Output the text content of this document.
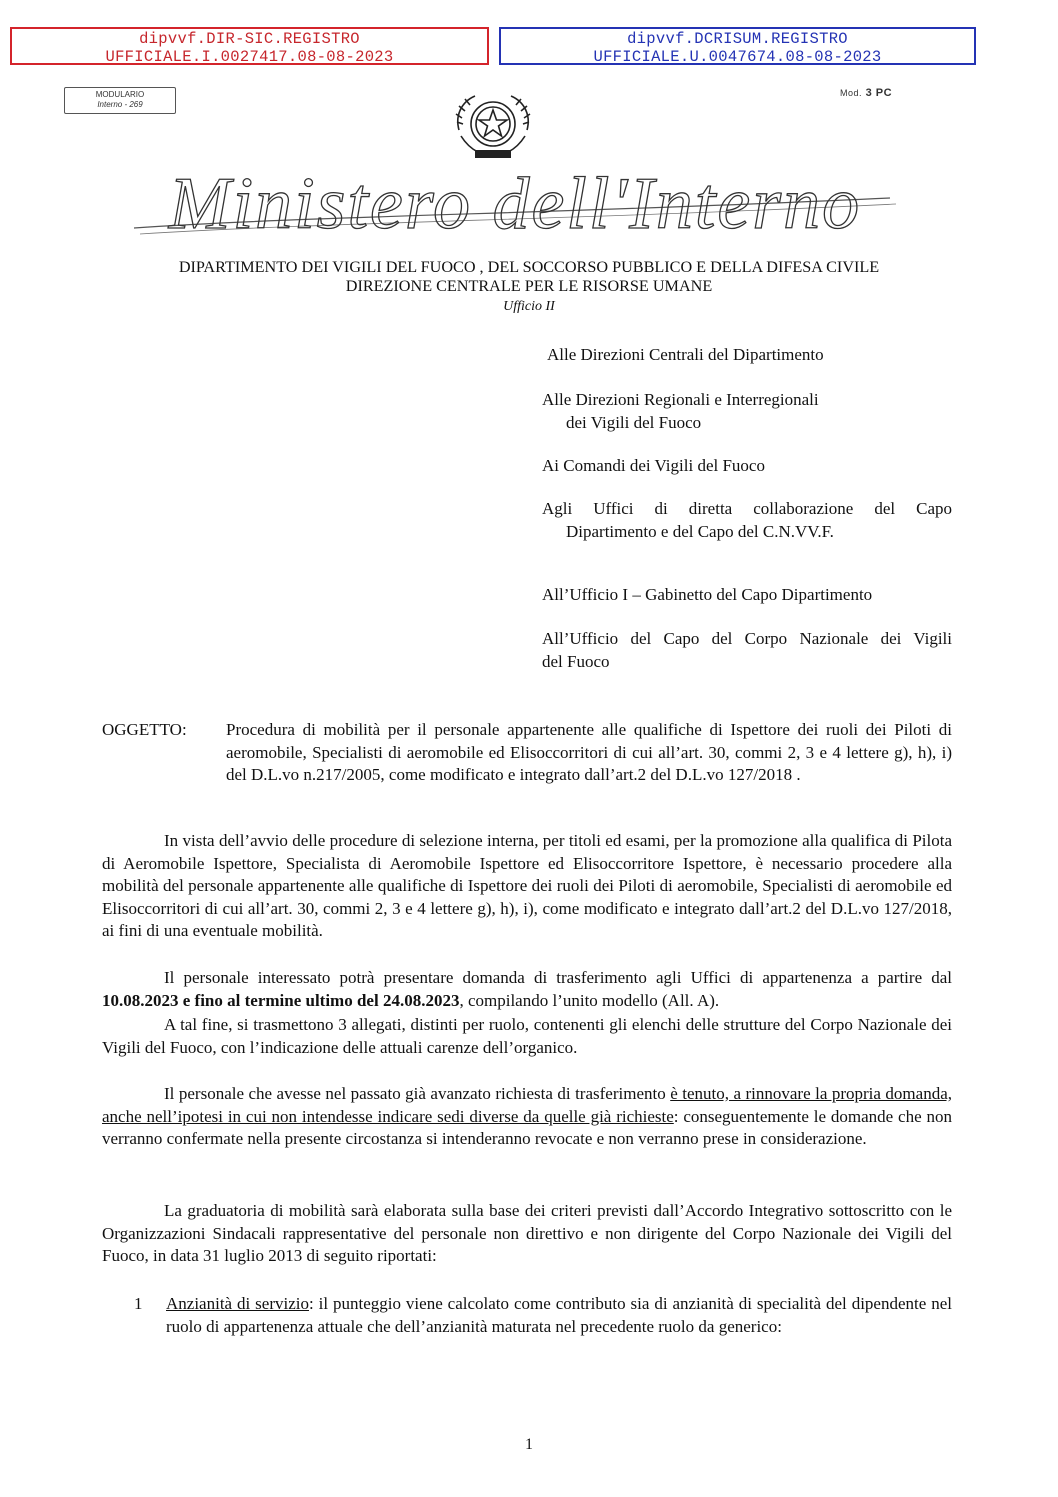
dipvvf.DIR-SIC.REGISTRO
UFFICIALE.I.0027417.08-08-2023
dipvvf.DCRISUM.REGISTRO
UFFICIALE.U.0047674.08-08-2023
MODULARIO
Interno - 269
Mod. 3 PC
Ministero dell'Interno
DIPARTIMENTO DEI VIGILI DEL FUOCO , DEL SOCCORSO PUBBLICO E DELLA DIFESA CIVILE
DIREZIONE CENTRALE PER LE RISORSE UMANE
Ufficio II
Alle Direzioni Centrali del Dipartimento
Alle Direzioni Regionali e Interregionali
dei Vigili del Fuoco
Ai Comandi dei Vigili del Fuoco
Agli Uffici di diretta collaborazione del Capo
Dipartimento e del Capo del C.N.VV.F.
All’Ufficio I – Gabinetto del Capo Dipartimento
All’Ufficio del Capo del Corpo Nazionale dei Vigili
del Fuoco
OGGETTO: Procedura di mobilità per il personale appartenente alle qualifiche di Ispettore dei ruoli dei Piloti di aeromobile, Specialisti di aeromobile ed Elisoccorritori di cui all’art. 30, commi 2, 3 e 4 lettere g), h), i) del D.L.vo n.217/2005, come modificato e integrato dall’art.2 del D.L.vo 127/2018 .
In vista dell’avvio delle procedure di selezione interna, per titoli ed esami, per la promozione alla qualifica di Pilota di Aeromobile Ispettore, Specialista di Aeromobile Ispettore ed Elisoccorritore Ispettore, è necessario procedere alla mobilità del personale appartenente alle qualifiche di Ispettore dei ruoli dei Piloti di aeromobile, Specialisti di aeromobile ed Elisoccorritori di cui all’art. 30, commi 2, 3 e 4 lettere g), h), i), come modificato e integrato dall’art.2 del D.L.vo 127/2018, ai fini di una eventuale mobilità.
Il personale interessato potrà presentare domanda di trasferimento agli Uffici di appartenenza a partire dal 10.08.2023 e fino al termine ultimo del 24.08.2023, compilando l’unito modello (All. A).
A tal fine, si trasmettono 3 allegati, distinti per ruolo, contenenti gli elenchi delle strutture del Corpo Nazionale dei Vigili del Fuoco, con l’indicazione delle attuali carenze dell’organico.
Il personale che avesse nel passato già avanzato richiesta di trasferimento è tenuto, a rinnovare la propria domanda, anche nell’ipotesi in cui non intendesse indicare sedi diverse da quelle già richieste: conseguentemente le domande che non verranno confermate nella presente circostanza si intenderanno revocate e non verranno prese in considerazione.
La graduatoria di mobilità sarà elaborata sulla base dei criteri previsti dall’Accordo Integrativo sottoscritto con le Organizzazioni Sindacali rappresentative del personale non direttivo e non dirigente del Corpo Nazionale dei Vigili del Fuoco, in data 31 luglio 2013 di seguito riportati:
1 Anzianità di servizio: il punteggio viene calcolato come contributo sia di anzianità di specialità del dipendente nel ruolo di appartenenza attuale che dell’anzianità maturata nel precedente ruolo da generico:
1
